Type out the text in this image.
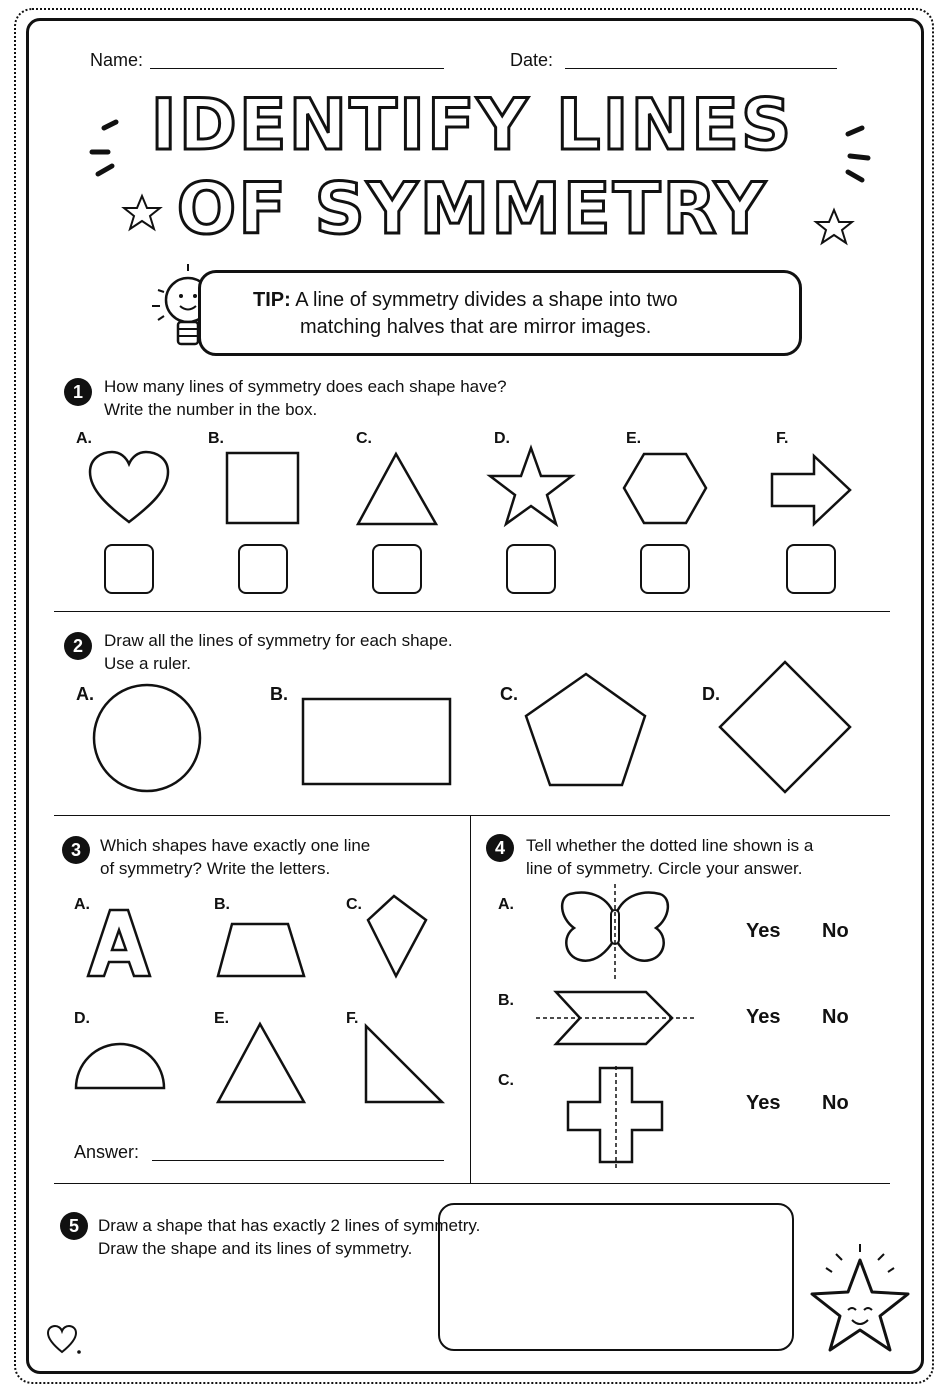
Name:	Date:
IDENTIFY LINES
OF SYMMETRY
TIP: A line of symmetry divides a shape into two
matching halves that are mirror images.
1	How many lines of symmetry does each shape have?
Write the number in the box.
A.	B.	C.	D.	E.	F.
2	Draw all the lines of symmetry for each shape.
Use a ruler.
A.	B.	C.	D.
3	Which shapes have exactly one line
of symmetry? Write the letters.
A.	B.	C.
D.	E.	F.
Answer:
4	Tell whether the dotted line shown is a
line of symmetry. Circle your answer.
A.
B.
C.
Yes No
Yes No
Yes No
5	Draw a shape that has exactly 2 lines of symmetry.
Draw the shape and its lines of symmetry.
